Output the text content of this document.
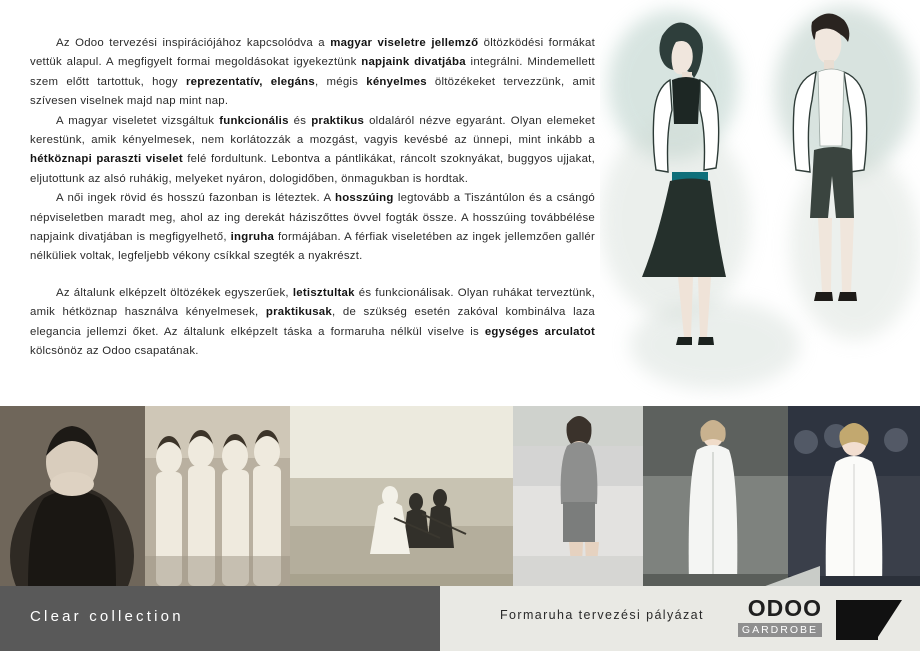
Az Odoo tervezési inspirációjához kapcsolódva a magyar viseletre jellemző öltözködési formákat vettük alapul. A megfigyelt formai megoldásokat igyekeztünk napjaink divatjába integrálni. Mindemellett szem előtt tartottuk, hogy reprezentatív, elegáns, mégis kényelmes öltözékeket tervezzünk, amit szívesen viselnek majd nap mint nap.

A magyar viseletet vizsgáltuk funkcionális és praktikus oldaláról nézve egyaránt. Olyan elemeket kerestünk, amik kényelmesek, nem korlátozzák a mozgást, vagyis kevésbé az ünnepi, mint inkább a hétköznapi paraszti viselet felé fordultunk. Lebontva a pántlikákat, ráncolt szoknyákat, buggyos ujjakat, eljutottunk az alsó ruhákig, melyeket nyáron, dologidőben, önmagukban is hordtak.

A női ingek rövid és hosszú fazonban is léteztek. A hosszúing legtovább a Tiszántúlon és a csángó népviseletben maradt meg, ahol az ing derekát háziszőttes övvel fogták össze. A hosszúing továbbélése napjaink divatjában is megfigyelhető, ingruha formájában. A férfiak viseletében az ingek jellemzően gallér nélküliek voltak, legfeljebb vékony csíkkal szegték a nyakrészt.

Az általunk elképzelt öltözékek egyszerűek, letisztultak és funkcionálisak. Olyan ruhákat terveztünk, amik hétköznap használva kényelmesek, praktikusak, de szükség esetén zakóval kombinálva laza elegancia jellemzi őket. Az általunk elképzelt táska a formaruha nélkül viselve is egységes arculatot kölcsönöz az Odoo csapatának.

Clear collection	Formaruha tervezési pályázat	ODOO
GARDROBE
